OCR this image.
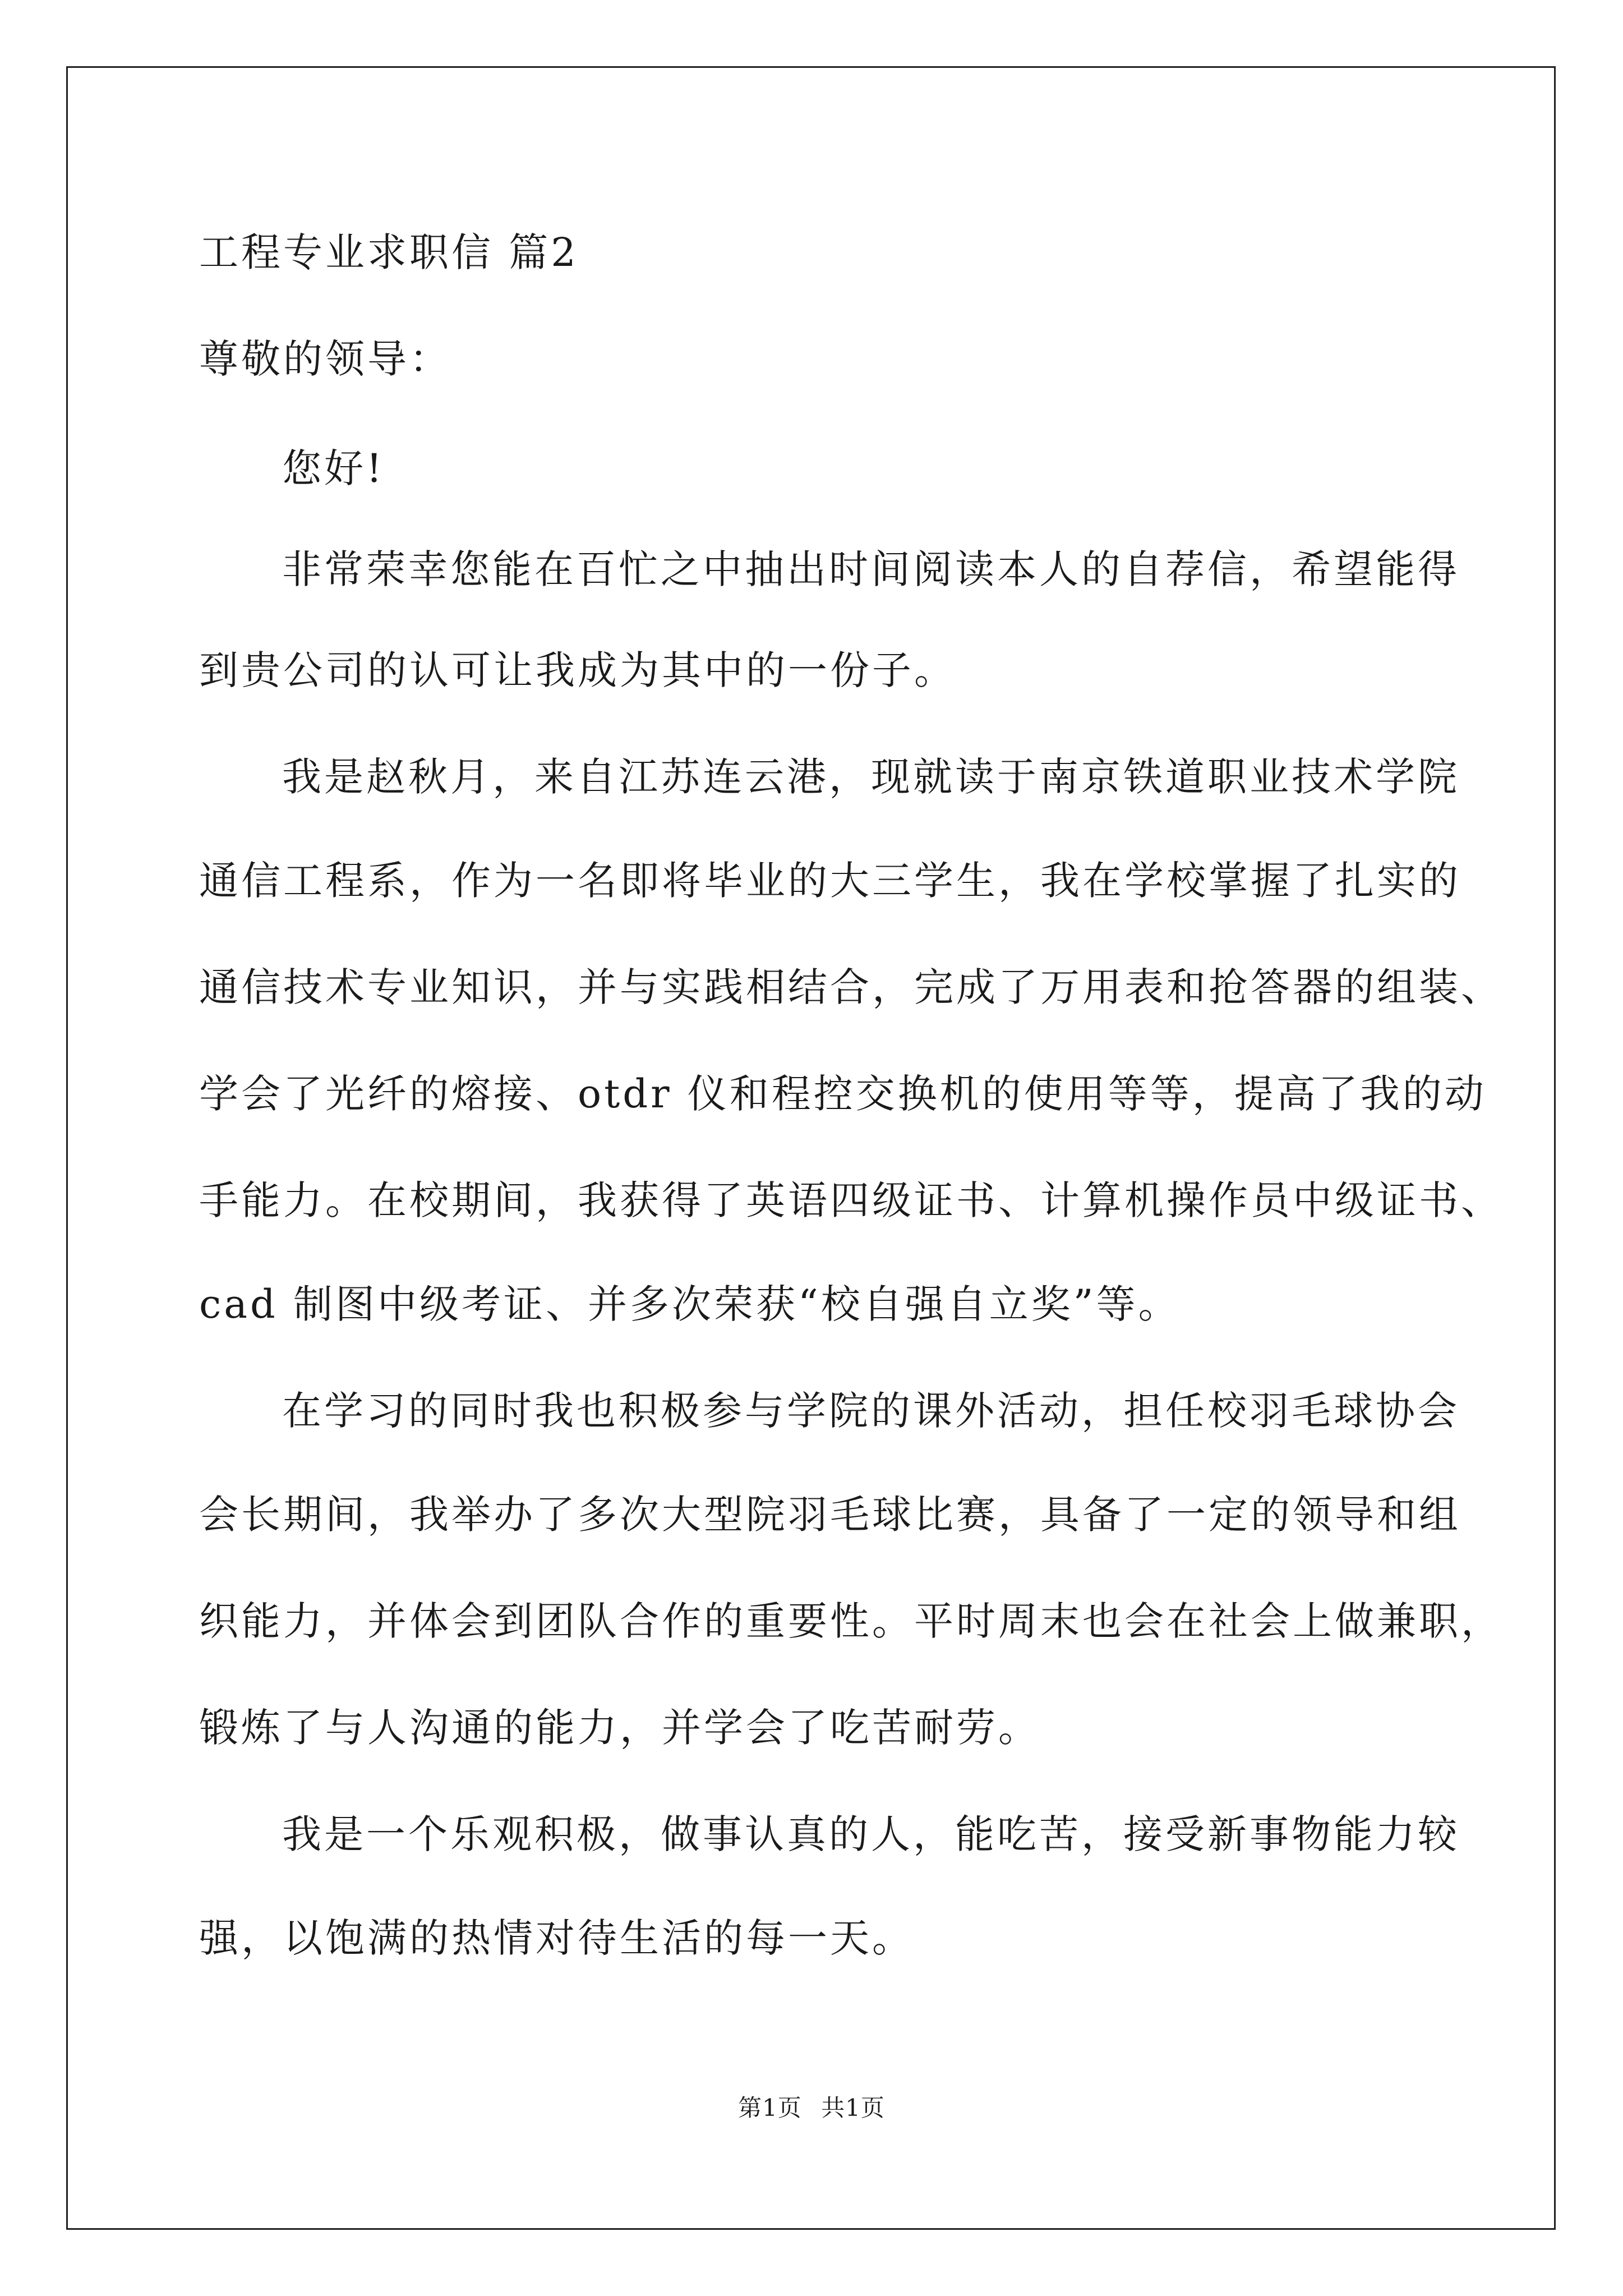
工程专业求职信 篇2

尊敬的领导：

您好!

非常荣幸您能在百忙之中抽出时间阅读本人的自荐信，希望能得

到贵公司的认可让我成为其中的一份子。

我是赵秋月，来自江苏连云港，现就读于南京铁道职业技术学院

通信工程系，作为一名即将毕业的大三学生，我在学校掌握了扎实的

通信技术专业知识，并与实践相结合，完成了万用表和抢答器的组装、

学会了光纤的熔接、otdr 仪和程控交换机的使用等等，提高了我的动

手能力。在校期间，我获得了英语四级证书、计算机操作员中级证书、

cad 制图中级考证、并多次荣获“校自强自立奖”等。

在学习的同时我也积极参与学院的课外活动，担任校羽毛球协会

会长期间，我举办了多次大型院羽毛球比赛，具备了一定的领导和组

织能力，并体会到团队合作的重要性。平时周末也会在社会上做兼职，

锻炼了与人沟通的能力，并学会了吃苦耐劳。

我是一个乐观积极，做事认真的人，能吃苦，接受新事物能力较

强，以饱满的热情对待生活的每一天。

第1页 共1页
